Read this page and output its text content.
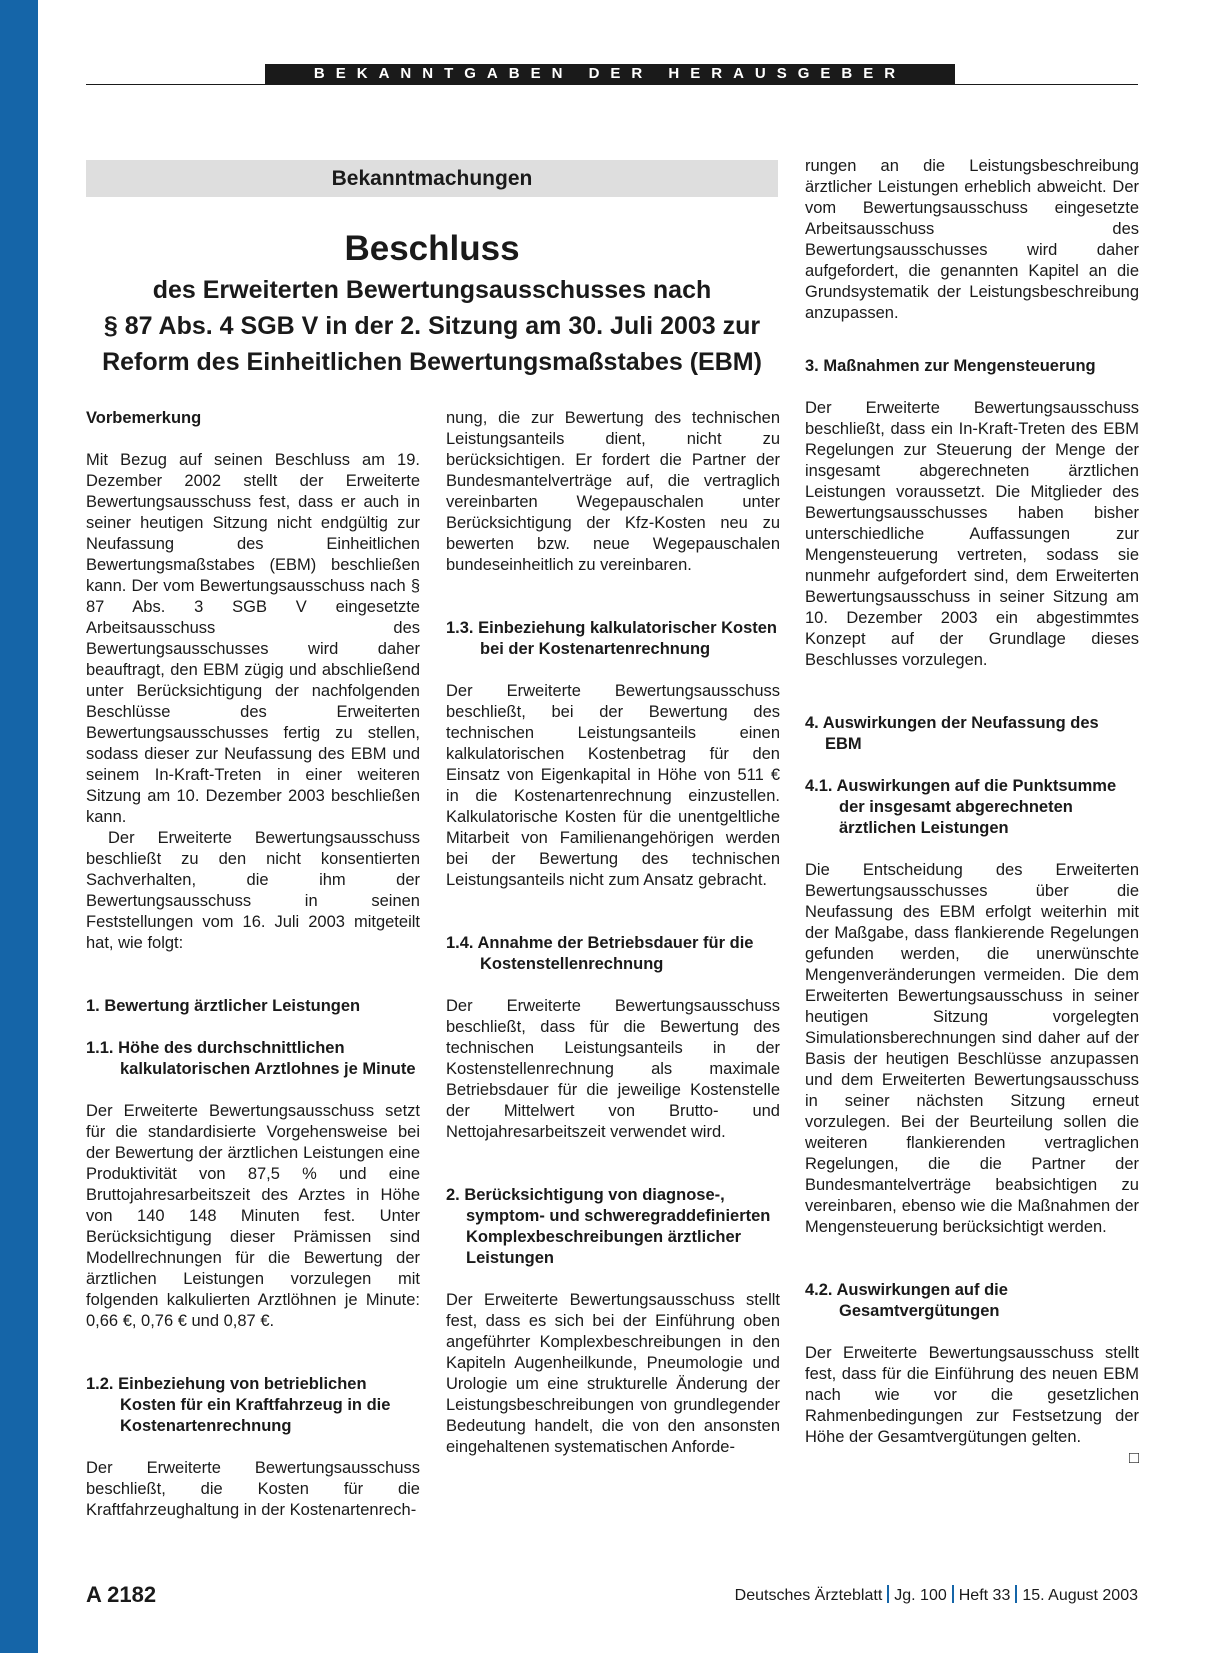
BEKANNTGABEN DER HERAUSGEBER
Bekanntmachungen
Beschluss
des Erweiterten Bewertungsausschusses nach
§ 87 Abs. 4 SGB V in der 2. Sitzung am 30. Juli 2003 zur
Reform des Einheitlichen Bewertungsmaßstabes (EBM)
Vorbemerkung

Mit Bezug auf seinen Beschluss am 19. Dezember 2002 stellt der Erweiterte Bewertungsausschuss fest, dass er auch in seiner heutigen Sitzung nicht endgültig zur Neufassung des Einheitlichen Bewertungsmaßstabes (EBM) beschließen kann. Der vom Bewertungsausschuss nach § 87 Abs. 3 SGB V eingesetzte Arbeitsausschuss des Bewertungsausschusses wird daher beauftragt, den EBM zügig und abschließend unter Berücksichtigung der nachfolgenden Beschlüsse des Erweiterten Bewertungsausschusses fertig zu stellen, sodass dieser zur Neufassung des EBM und seinem In-Kraft-Treten in einer weiteren Sitzung am 10. Dezember 2003 beschließen kann.

Der Erweiterte Bewertungsausschuss beschließt zu den nicht konsentierten Sachverhalten, die ihm der Bewertungsausschuss in seinen Feststellungen vom 16. Juli 2003 mitgeteilt hat, wie folgt:

1. Bewertung ärztlicher Leistungen
1.1. Höhe des durchschnittlichen kalkulatorischen Arztlohnes je Minute

Der Erweiterte Bewertungsausschuss setzt für die standardisierte Vorgehensweise bei der Bewertung der ärztlichen Leistungen eine Produktivität von 87,5 % und eine Bruttojahresarbeitszeit des Arztes in Höhe von 140 148 Minuten fest. Unter Berücksichtigung dieser Prämissen sind Modellrechnungen für die Bewertung der ärztlichen Leistungen vorzulegen mit folgenden kalkulierten Arztlöhnen je Minute: 0,66 €, 0,76 € und 0,87 €.

1.2. Einbeziehung von betrieblichen Kosten für ein Kraftfahrzeug in die Kostenartenrechnung

Der Erweiterte Bewertungsausschuss beschließt, die Kosten für die Kraftfahrzeughaltung in der Kostenartenrech-

nung, die zur Bewertung des technischen Leistungsanteils dient, nicht zu berücksichtigen. Er fordert die Partner der Bundesmantelverträge auf, die vertraglich vereinbarten Wegepauschalen unter Berücksichtigung der Kfz-Kosten neu zu bewerten bzw. neue Wegepauschalen bundeseinheitlich zu vereinbaren.

1.3. Einbeziehung kalkulatorischer Kosten bei der Kostenartenrechnung

Der Erweiterte Bewertungsausschuss beschließt, bei der Bewertung des technischen Leistungsanteils einen kalkulatorischen Kostenbetrag für den Einsatz von Eigenkapital in Höhe von 511 € in die Kostenartenrechnung einzustellen. Kalkulatorische Kosten für die unentgeltliche Mitarbeit von Familienangehörigen werden bei der Bewertung des technischen Leistungsanteils nicht zum Ansatz gebracht.

1.4. Annahme der Betriebsdauer für die Kostenstellenrechnung

Der Erweiterte Bewertungsausschuss beschließt, dass für die Bewertung des technischen Leistungsanteils in der Kostenstellenrechnung als maximale Betriebsdauer für die jeweilige Kostenstelle der Mittelwert von Brutto- und Nettojahresarbeitszeit verwendet wird.

2. Berücksichtigung von diagnose-, symptom- und schweregraddefinierten Komplexbeschreibungen ärztlicher Leistungen

Der Erweiterte Bewertungsausschuss stellt fest, dass es sich bei der Einführung oben angeführter Komplexbeschreibungen in den Kapiteln Augenheilkunde, Pneumologie und Urologie um eine strukturelle Änderung der Leistungsbeschreibungen von grundlegender Bedeutung handelt, die von den ansonsten eingehaltenen systematischen Anforde-

rungen an die Leistungsbeschreibung ärztlicher Leistungen erheblich abweicht. Der vom Bewertungsausschuss eingesetzte Arbeitsausschuss des Bewertungsausschusses wird daher aufgefordert, die genannten Kapitel an die Grundsystematik der Leistungsbeschreibung anzupassen.

3. Maßnahmen zur Mengensteuerung

Der Erweiterte Bewertungsausschuss beschließt, dass ein In-Kraft-Treten des EBM Regelungen zur Steuerung der Menge der insgesamt abgerechneten ärztlichen Leistungen voraussetzt. Die Mitglieder des Bewertungsausschusses haben bisher unterschiedliche Auffassungen zur Mengensteuerung vertreten, sodass sie nunmehr aufgefordert sind, dem Erweiterten Bewertungsausschuss in seiner Sitzung am 10. Dezember 2003 ein abgestimmtes Konzept auf der Grundlage dieses Beschlusses vorzulegen.

4. Auswirkungen der Neufassung des EBM
4.1. Auswirkungen auf die Punktsumme der insgesamt abgerechneten ärztlichen Leistungen

Die Entscheidung des Erweiterten Bewertungsausschusses über die Neufassung des EBM erfolgt weiterhin mit der Maßgabe, dass flankierende Regelungen gefunden werden, die unerwünschte Mengenveränderungen vermeiden. Die dem Erweiterten Bewertungsausschuss in seiner heutigen Sitzung vorgelegten Simulationsberechnungen sind daher auf der Basis der heutigen Beschlüsse anzupassen und dem Erweiterten Bewertungsausschuss in seiner nächsten Sitzung erneut vorzulegen. Bei der Beurteilung sollen die weiteren flankierenden vertraglichen Regelungen, die die Partner der Bundesmantelverträge beabsichtigen zu vereinbaren, ebenso wie die Maßnahmen der Mengensteuerung berücksichtigt werden.

4.2. Auswirkungen auf die Gesamtvergütungen

Der Erweiterte Bewertungsausschuss stellt fest, dass für die Einführung des neuen EBM nach wie vor die gesetzlichen Rahmenbedingungen zur Festsetzung der Höhe der Gesamtvergütungen gelten.

□
A 2182	Deutsches Ärzteblatt Jg. 100 Heft 33 15. August 2003
